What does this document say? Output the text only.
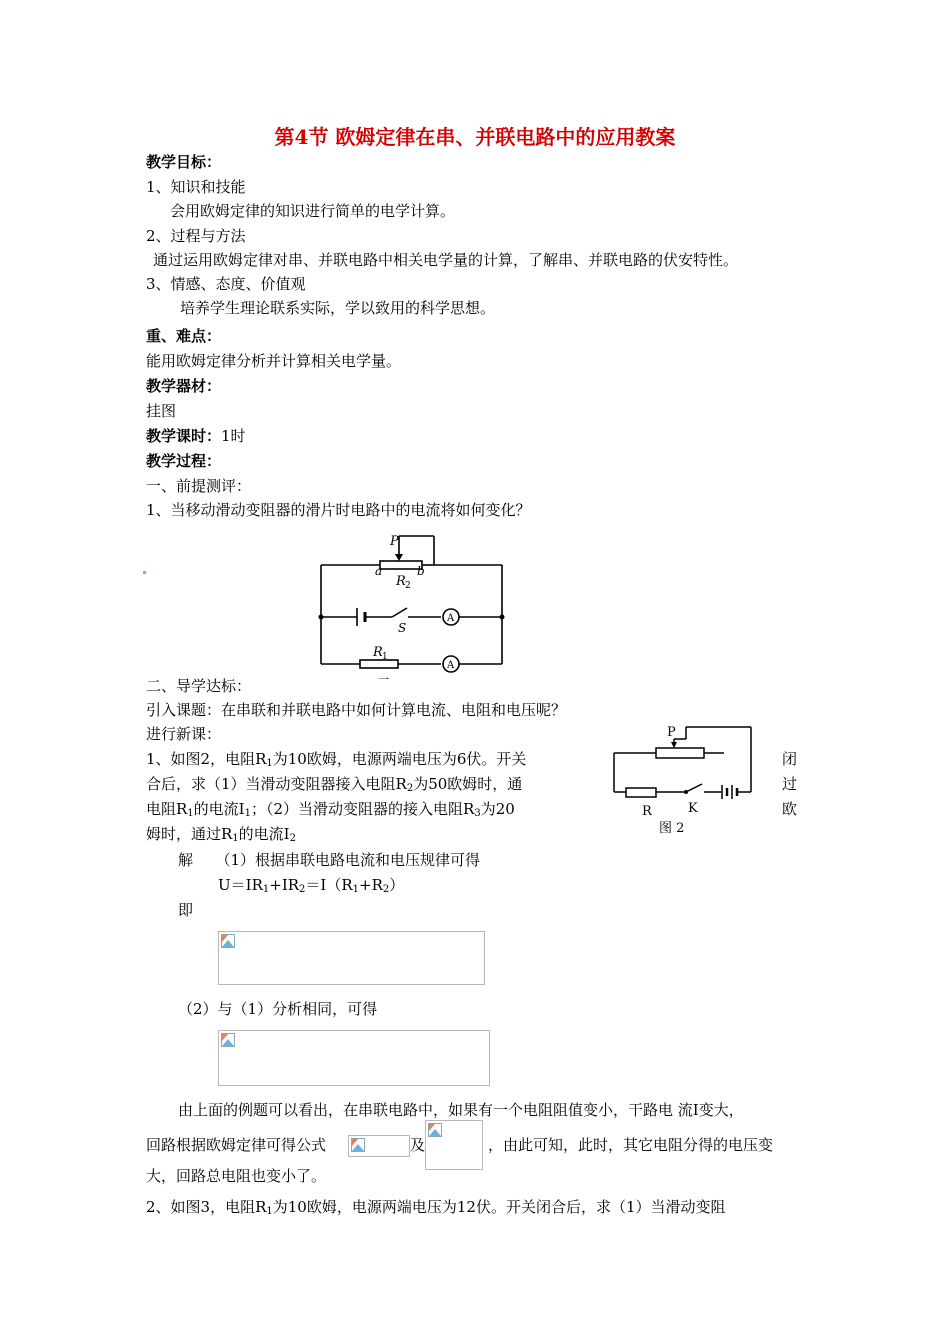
第4节 欧姆定律在串、并联电路中的应用教案
教学目标：
1、知识和技能
会用欧姆定律的知识进行简单的电学计算。
2、过程与方法
通过运用欧姆定律对串、并联电路中相关电学量的计算，了解串、并联电路的伏安特性。
3、情感、态度、价值观
培养学生理论联系实际，学以致用的科学思想。
重、难点：
能用欧姆定律分析并计算相关电学量。
教学器材：
挂图
教学课时：1时
教学过程：
一、前提测评：
1、当移动滑动变阻器的滑片时电路中的电流将如何变化？
P
a	b
R 2
S
A
A
R 1
一
二、导学达标：
引入课题：在串联和并联电路中如何计算电流、电阻和电压呢？
进行新课：
1、如图2，电阻$R_1$为10欧姆，电源两端电压为6伏。开关	闭
合后，求（1）当滑动变阻器接入电阻$R_2$为50欧姆时，通	过
电阻$R_1$的电流$I_1$；（2）当滑动变阻器的接入电阻$R_3$为20	欧
姆时，通过$R_1$的电流$I_2$
P
R	K
图 2
解　　（1）根据串联电路电流和电压规律可得
$U=IR_1+IR_2=I(R_1+R_2)$
即
（2）与（1）分析相同，可得
由上面的例题可以看出，在串联电路中，如果有一个电阻阻值变小，干路电 流I变大，
回路根据欧姆定律可得公式	及	，由此可知，此时，其它电阻分得的电压变
大，回路总电阻也变小了。
2、如图3，电阻$R_1$为10欧姆，电源两端电压为12伏。开关闭合后，求（1）当滑动变阻
